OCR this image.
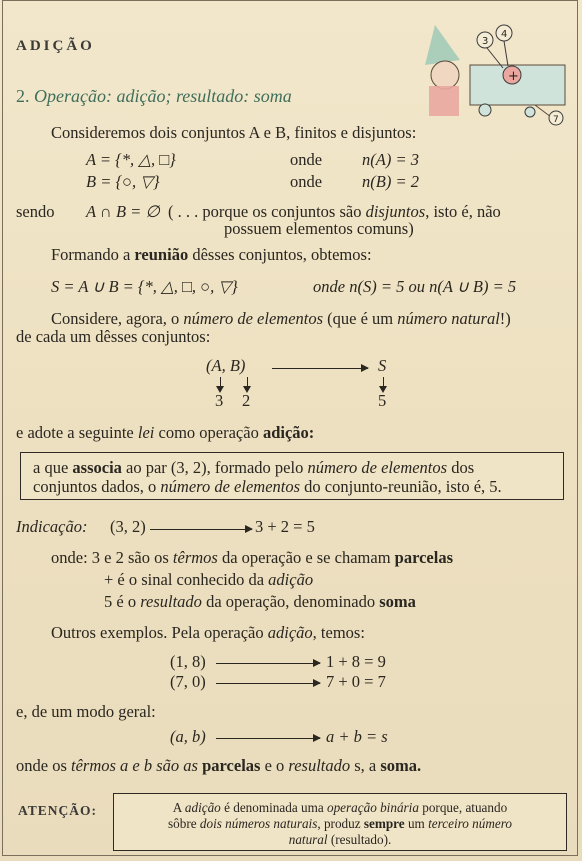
+
3
4
7
ADIÇÃO
2. Operação: adição; resultado: soma
Consideremos dois conjuntos A e B, finitos e disjuntos:
A = {*, △, □}	onde n(A) = 3
B = {○, ▽}	onde n(B) = 2
sendo A ∩ B = ∅ ( . . . porque os conjuntos são disjuntos, isto é, não
possuem elementos comuns)
Formando a reunião dêsses conjuntos, obtemos:
S = A ∪ B = {*, △, □, ○, ▽}	onde n(S) = 5 ou n(A ∪ B) = 5
Considere, agora, o número de elementos (que é um número natural!)
de cada um dêsses conjuntos:
(A, B)	S
3 2	5
e adote a seguinte lei como operação adição:
a que associa ao par (3, 2), formado pelo número de elementos dos
conjuntos dados, o número de elementos do conjunto-reunião, isto é, 5.
Indicação: (3, 2)	3 + 2 = 5
onde: 3 e 2 são os têrmos da operação e se chamam parcelas
+ é o sinal conhecido da adição
5 é o resultado da operação, denominado soma
Outros exemplos. Pela operação adição, temos:
(1, 8)	1 + 8 = 9
(7, 0)	7 + 0 = 7
e, de um modo geral:
(a, b)	a + b = s
onde os têrmos a e b são as parcelas e o resultado s, a soma.
ATENÇÃO:	A adição é denominada uma operação binária porque, atuando
sôbre dois números naturais, produz sempre um terceiro número
natural (resultado).
